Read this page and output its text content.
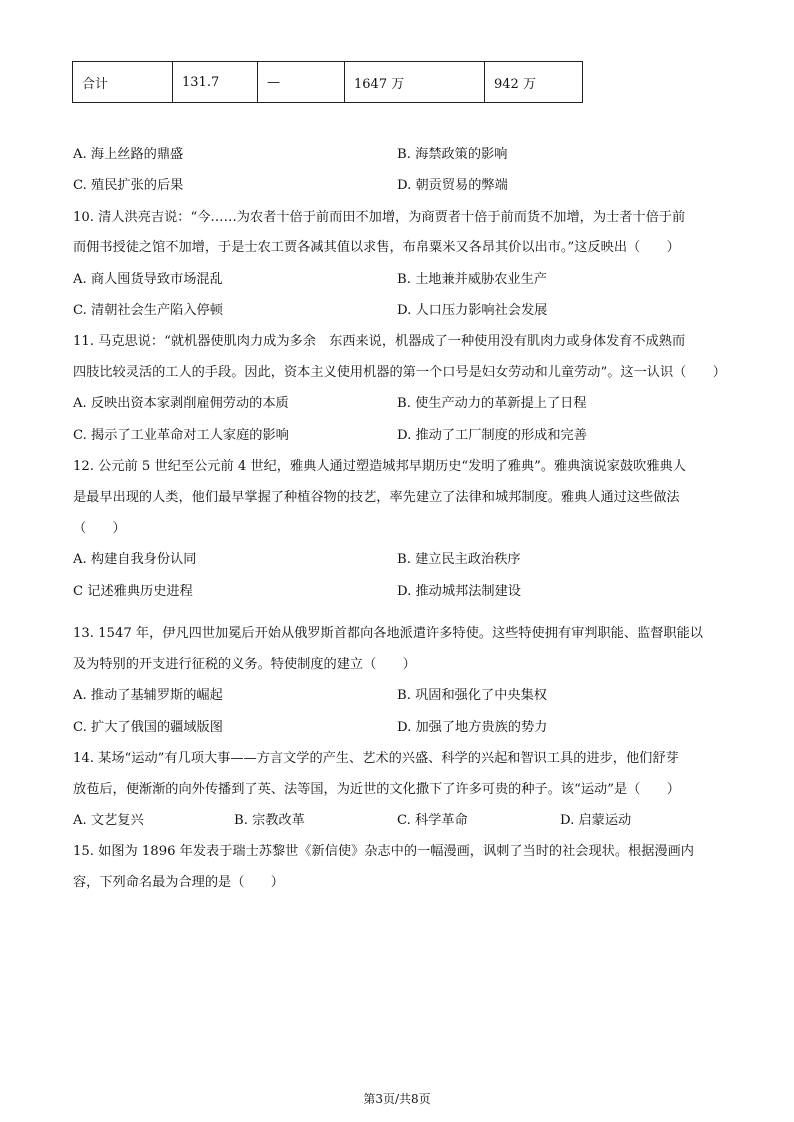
合计	131.7	—	1647 万	942 万
A. 海上丝路的鼎盛	B. 海禁政策的影响
C. 殖民扩张的后果	D. 朝贡贸易的弊端
10. 清人洪亮吉说：“今……为农者十倍于前而田不加增，为商贾者十倍于前而货不加增，为士者十倍于前
而佣书授徒之馆不加增，于是士农工贾各减其值以求售，布帛粟米又各昂其价以出市。”这反映出（　　）
A. 商人囤货导致市场混乱	B. 土地兼并威胁农业生产
C. 清朝社会生产陷入停顿	D. 人口压力影响社会发展
11. 马克思说：“就机器使肌肉力成为多余　东西来说，机器成了一种使用没有肌肉力或身体发育不成熟而
四肢比较灵活的工人的手段。因此，资本主义使用机器的第一个口号是妇女劳动和儿童劳动”。这一认识（　　）
A. 反映出资本家剥削雇佣劳动的本质	B. 使生产动力的革新提上了日程
C. 揭示了工业革命对工人家庭的影响	D. 推动了工厂制度的形成和完善
12. 公元前 5 世纪至公元前 4 世纪，雅典人通过塑造城邦早期历史“发明了雅典”。雅典演说家鼓吹雅典人
是最早出现的人类，他们最早掌握了种植谷物的技艺，率先建立了法律和城邦制度。雅典人通过这些做法
（　　）
A. 构建自我身份认同	B. 建立民主政治秩序
C 记述雅典历史进程	D. 推动城邦法制建设
13. 1547 年，伊凡四世加冕后开始从俄罗斯首都向各地派遣许多特使。这些特使拥有审判职能、监督职能以
及为特别的开支进行征税的义务。特使制度的建立（　　）
A. 推动了基辅罗斯的崛起	B. 巩固和强化了中央集权
C. 扩大了俄国的疆域版图	D. 加强了地方贵族的势力
14. 某场“运动”有几项大事——方言文学的产生、艺术的兴盛、科学的兴起和智识工具的进步，他们舒芽
放苞后，便渐渐的向外传播到了英、法等国，为近世的文化撒下了许多可贵的种子。该“运动”是（　　）
A. 文艺复兴	B. 宗教改革	C. 科学革命	D. 启蒙运动
15. 如图为 1896 年发表于瑞士苏黎世《新信使》杂志中的一幅漫画，讽刺了当时的社会现状。根据漫画内
容，下列命名最为合理的是（　　）
第3页/共8页
